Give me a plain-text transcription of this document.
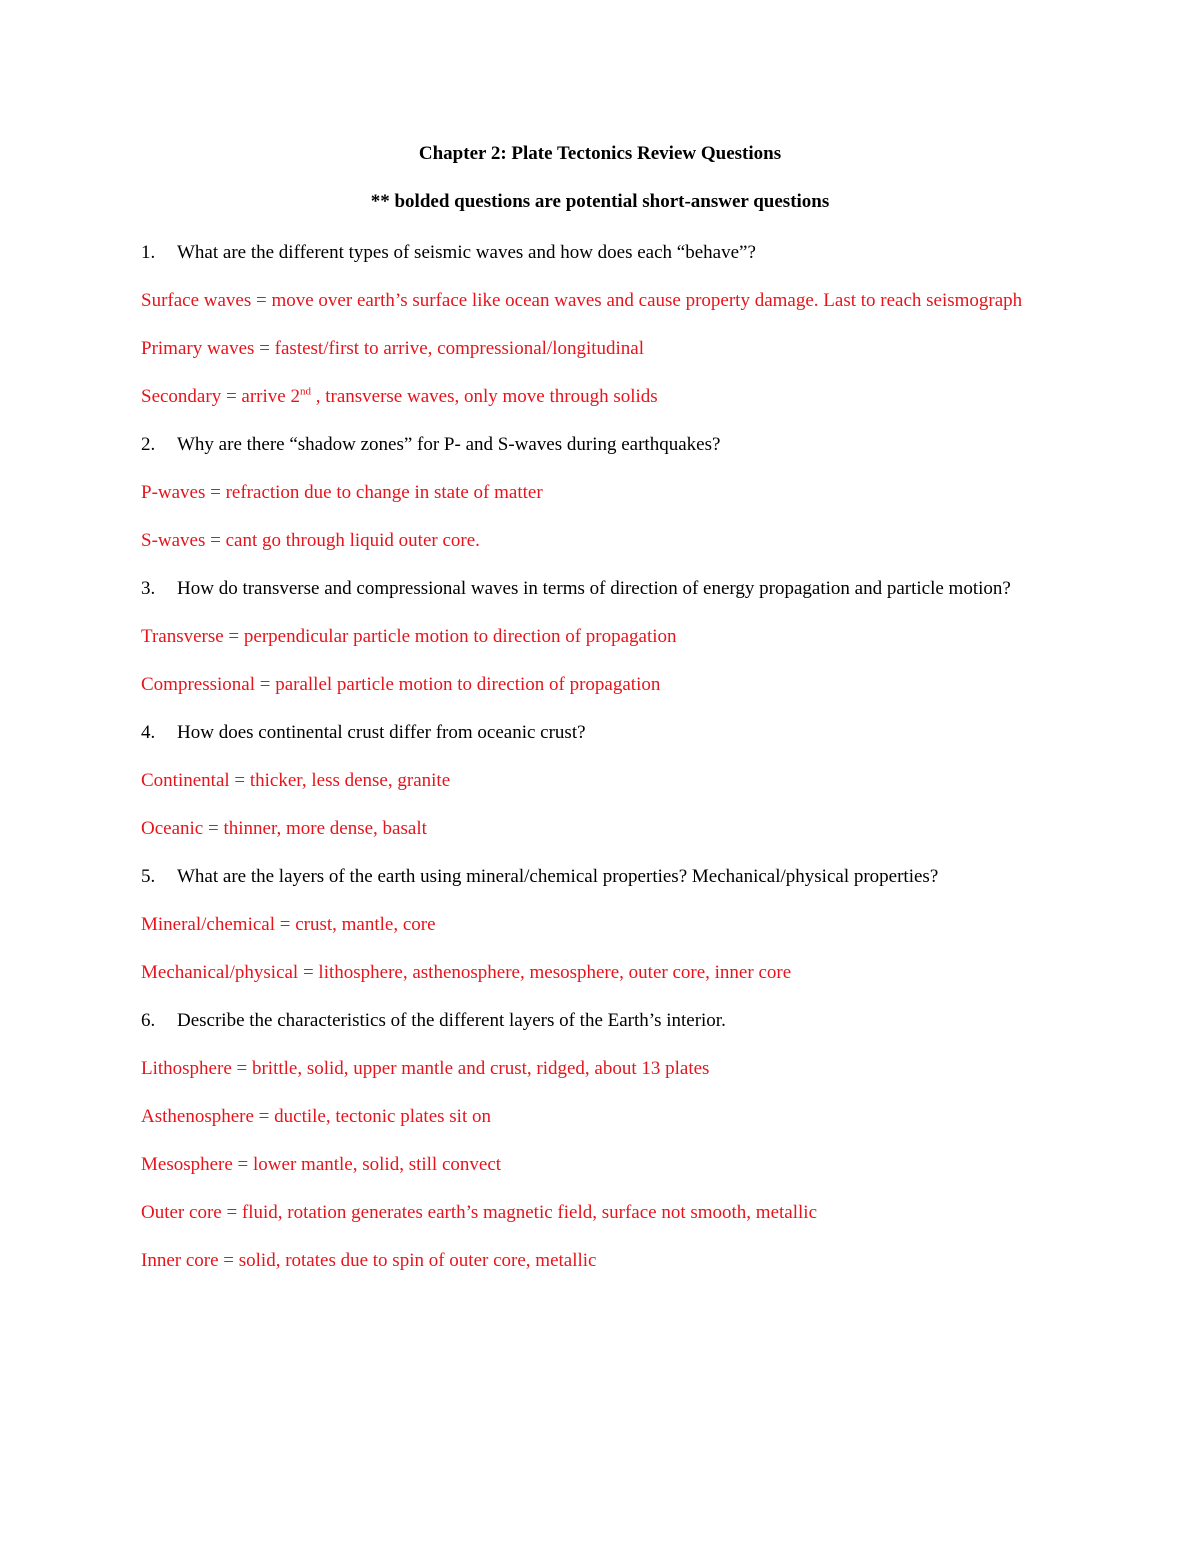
Chapter 2: Plate Tectonics Review Questions
** bolded questions are potential short-answer questions
1. What are the different types of seismic waves and how does each “behave”?
Surface waves = move over earth’s surface like ocean waves and cause property damage. Last to reach seismograph
Primary waves = fastest/first to arrive, compressional/longitudinal
Secondary = arrive 2nd , transverse waves, only move through solids
2. Why are there “shadow zones” for P- and S-waves during earthquakes?
P-waves = refraction due to change in state of matter
S-waves = cant go through liquid outer core.
3. How do transverse and compressional waves in terms of direction of energy propagation and particle motion?
Transverse = perpendicular particle motion to direction of propagation
Compressional = parallel particle motion to direction of propagation
4. How does continental crust differ from oceanic crust?
Continental = thicker, less dense, granite
Oceanic = thinner, more dense, basalt
5. What are the layers of the earth using mineral/chemical properties? Mechanical/physical properties?
Mineral/chemical = crust, mantle, core
Mechanical/physical = lithosphere, asthenosphere, mesosphere, outer core, inner core
6. Describe the characteristics of the different layers of the Earth’s interior.
Lithosphere = brittle, solid, upper mantle and crust, ridged, about 13 plates
Asthenosphere = ductile, tectonic plates sit on
Mesosphere = lower mantle, solid, still convect
Outer core = fluid, rotation generates earth’s magnetic field, surface not smooth, metallic
Inner core = solid, rotates due to spin of outer core, metallic
